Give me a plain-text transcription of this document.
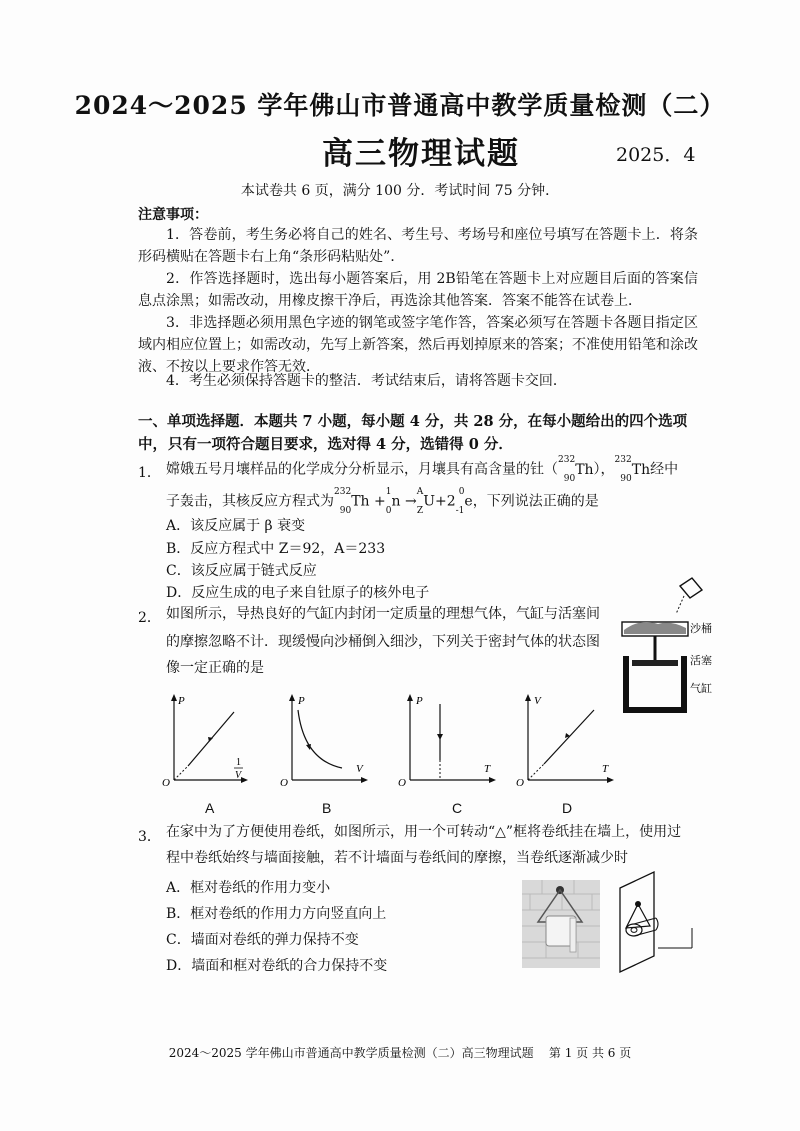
2024～2025 学年佛山市普通高中教学质量检测（二）
高三物理试题	2025．4
本试卷共 6 页，满分 100 分．考试时间 75 分钟．
注意事项：
1．答卷前，考生务必将自己的姓名、考生号、考场号和座位号填写在答题卡上．将条形码横贴在答题卡右上角“条形码粘贴处”．
2．作答选择题时，选出每小题答案后，用 2B铅笔在答题卡上对应题目后面的答案信息点涂黑；如需改动，用橡皮擦干净后，再选涂其他答案．答案不能答在试卷上．
3．非选择题必须用黑色字迹的钢笔或签字笔作答，答案必须写在答题卡各题目指定区域内相应位置上；如需改动，先写上新答案，然后再划掉原来的答案；不准使用铅笔和涂改液、不按以上要求作答无效．
4．考生必须保持答题卡的整洁．考试结束后，请将答题卡交回．
一、单项选择题．本题共 7 小题，每小题 4 分，共 28 分，在每小题给出的四个选项中， 只有一项符合题目要求，选对得 4 分，选错得 0 分．
1． 嫦娥五号月壤样品的化学成分分析显示，月壤具有高含量的钍（$^{232}$
$_{90}$Th），$^{232}$
$_{90}$Th经中
子轰击，其核反应方程式为$^{232}$
$_{90}$Th +$^1$
$_0$n →$^A$
$_ZU+2^0$
$_{-1}$e，下列说法正确的是
A．该反应属于 β 衰变
B．反应方程式中 Z＝92，A＝233
C．该反应属于链式反应
D．反应生成的电子来自钍原子的核外电子
2． 如图所示，导热良好的气缸内封闭一定质量的理想气体，气缸与活塞间
的摩擦忽略不计．现缓慢向沙桶倒入细沙，下列关于密封气体的状态图
像一定正确的是
沙桶
活塞
气缸
P
1
V
O
A
P
V
O
B
P
T
O
C
V
T
O
D
3． 在家中为了方便使用卷纸，如图所示，用一个可转动“△”框将卷纸挂在墙上，使用过
程中卷纸始终与墙面接触，若不计墙面与卷纸间的摩擦，当卷纸逐渐减少时
A．框对卷纸的作用力变小
B．框对卷纸的作用力方向竖直向上
C．墙面对卷纸的弹力保持不变
D．墙面和框对卷纸的合力保持不变
2024～2025 学年佛山市普通高中教学质量检测（二）高三物理试题 第 1 页 共 6 页
